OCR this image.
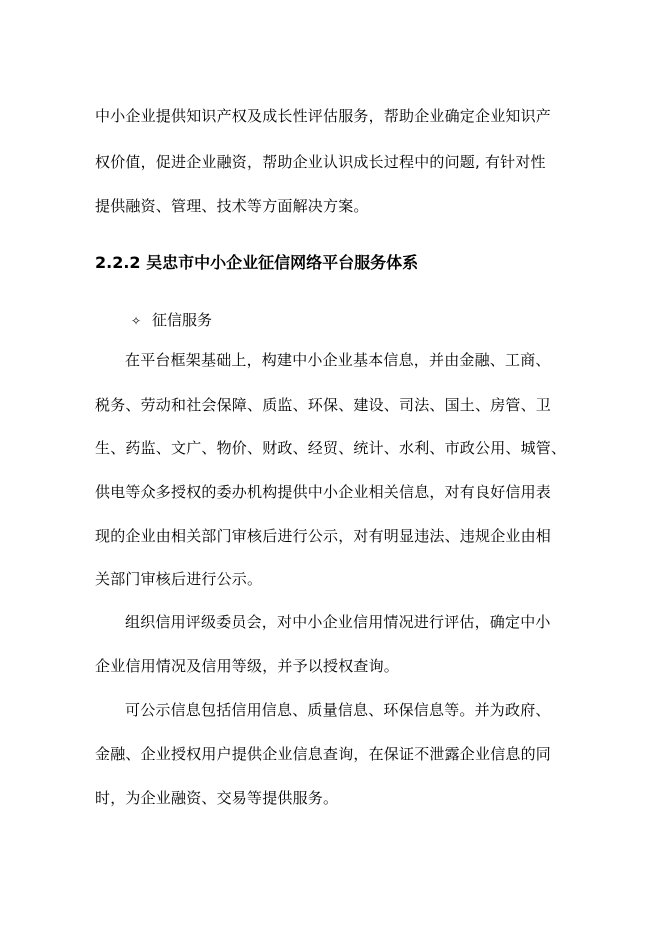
中小企业提供知识产权及成长性评估服务，帮助企业确定企业知识产
权价值，促进企业融资，帮助企业认识成长过程中的问题, 有针对性
提供融资、管理、技术等方面解决方案。
2.2.2 吴忠市中小企业征信网络平台服务体系
✧ 征信服务
在平台框架基础上，构建中小企业基本信息，并由金融、工商、
税务、劳动和社会保障、质监、环保、建设、司法、国土、房管、卫
生、药监、文广、物价、财政、经贸、统计、水利、市政公用、城管、
供电等众多授权的委办机构提供中小企业相关信息，对有良好信用表
现的企业由相关部门审核后进行公示，对有明显违法、违规企业由相
关部门审核后进行公示。
组织信用评级委员会，对中小企业信用情况进行评估，确定中小
企业信用情况及信用等级，并予以授权查询。
可公示信息包括信用信息、质量信息、环保信息等。并为政府、
金融、企业授权用户提供企业信息查询，在保证不泄露企业信息的同
时，为企业融资、交易等提供服务。
